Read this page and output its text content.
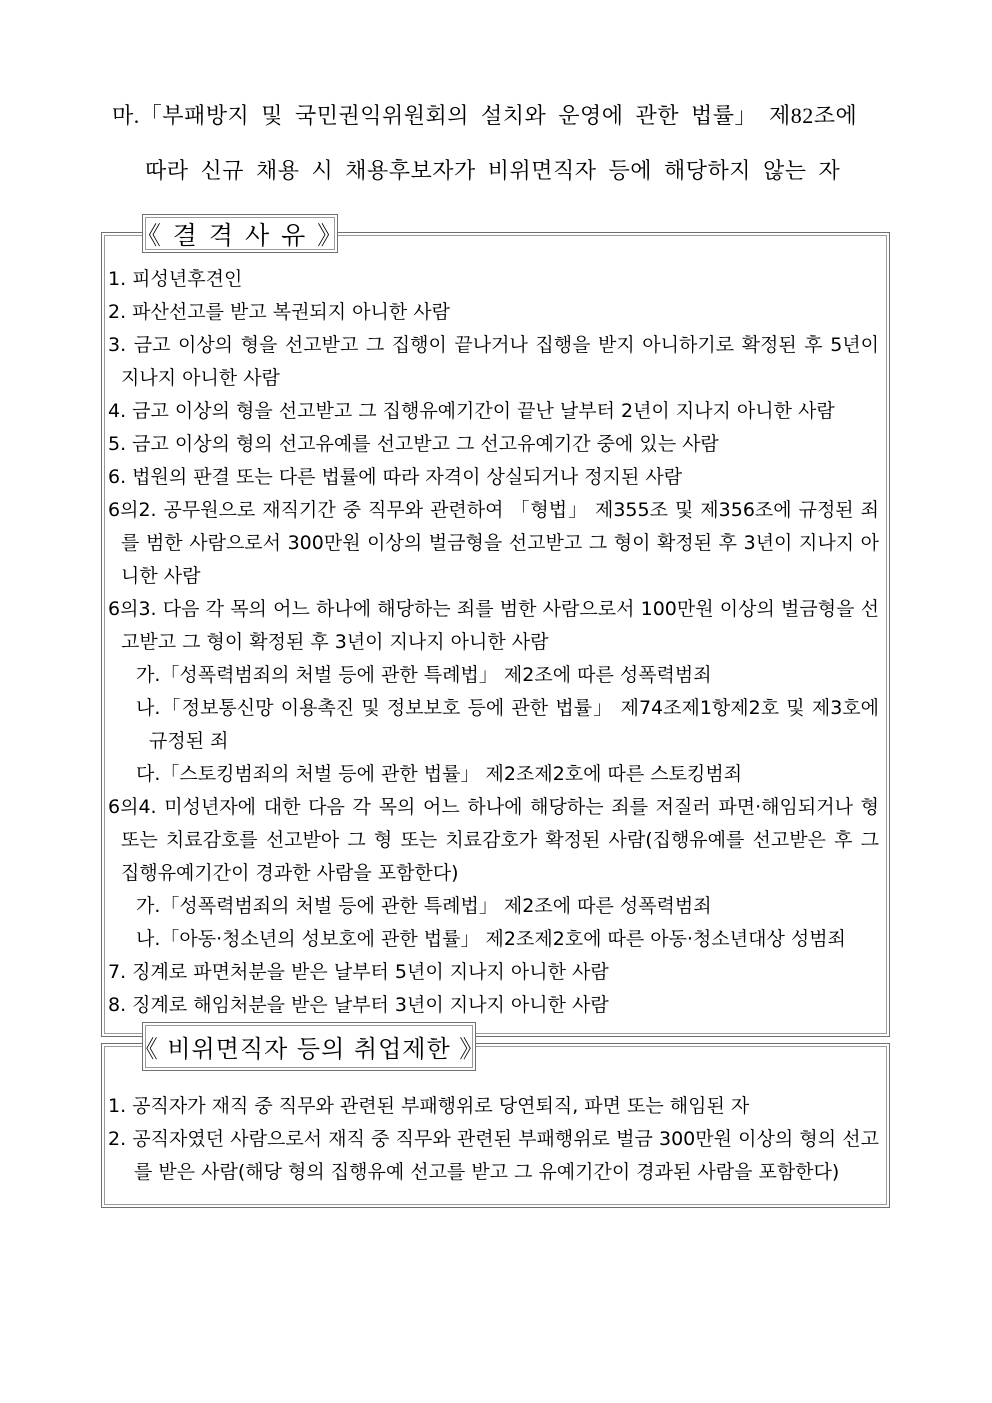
마.「부패방지 및 국민권익위원회의 설치와 운영에 관한 법률」 제82조에
따라 신규 채용 시 채용후보자가 비위면직자 등에 해당하지 않는 자
《 결 격 사 유 》
1. 피성년후견인
2. 파산선고를 받고 복권되지 아니한 사람
3. 금고 이상의 형을 선고받고 그 집행이 끝나거나 집행을 받지 아니하기로 확정된 후 5년이 지나지 아니한 사람
4. 금고 이상의 형을 선고받고 그 집행유예기간이 끝난 날부터 2년이 지나지 아니한 사람
5. 금고 이상의 형의 선고유예를 선고받고 그 선고유예기간 중에 있는 사람
6. 법원의 판결 또는 다른 법률에 따라 자격이 상실되거나 정지된 사람
6의2. 공무원으로 재직기간 중 직무와 관련하여 「형법」 제355조 및 제356조에 규정된 죄를 범한 사람으로서 300만원 이상의 벌금형을 선고받고 그 형이 확정된 후 3년이 지나지 아니한 사람
6의3. 다음 각 목의 어느 하나에 해당하는 죄를 범한 사람으로서 100만원 이상의 벌금형을 선고받고 그 형이 확정된 후 3년이 지나지 아니한 사람
가.「성폭력범죄의 처벌 등에 관한 특례법」 제2조에 따른 성폭력범죄
나.「정보통신망 이용촉진 및 정보보호 등에 관한 법률」 제74조제1항제2호 및 제3호에 규정된 죄
다.「스토킹범죄의 처벌 등에 관한 법률」 제2조제2호에 따른 스토킹범죄
6의4. 미성년자에 대한 다음 각 목의 어느 하나에 해당하는 죄를 저질러 파면·해임되거나 형 또는 치료감호를 선고받아 그 형 또는 치료감호가 확정된 사람(집행유예를 선고받은 후 그 집행유예기간이 경과한 사람을 포함한다)
가.「성폭력범죄의 처벌 등에 관한 특례법」 제2조에 따른 성폭력범죄
나.「아동·청소년의 성보호에 관한 법률」 제2조제2호에 따른 아동·청소년대상 성범죄
7. 징계로 파면처분을 받은 날부터 5년이 지나지 아니한 사람
8. 징계로 해임처분을 받은 날부터 3년이 지나지 아니한 사람
《 비위면직자 등의 취업제한 》
1. 공직자가 재직 중 직무와 관련된 부패행위로 당연퇴직, 파면 또는 해임된 자
2. 공직자였던 사람으로서 재직 중 직무와 관련된 부패행위로 벌금 300만원 이상의 형의 선고를 받은 사람(해당 형의 집행유예 선고를 받고 그 유예기간이 경과된 사람을 포함한다)
